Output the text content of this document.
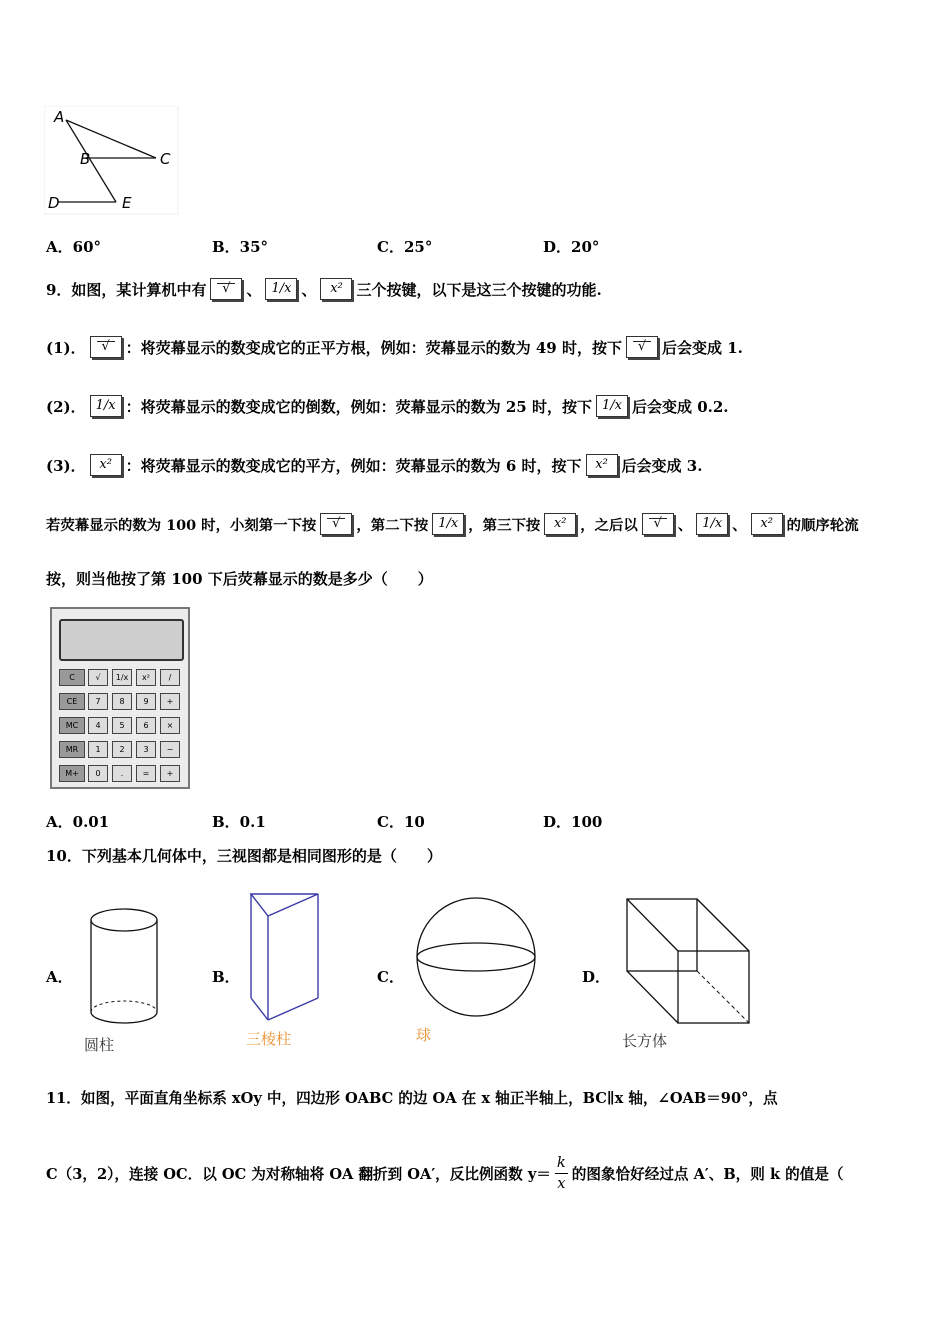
A
B	C
D	E
A．60°	B．35°	C．25°	D．20°
9．如图，某计算机中有	√	、 1/x 、	x² 三个按键，以下是这三个按键的功能.
(1)．	√	：将荧幕显示的数变成它的正平方根，例如：荧幕显示的数为 49 时，按下	√	后会变成 1.
(2)． 1/x ：将荧幕显示的数变成它的倒数，例如：荧幕显示的数为 25 时，按下 1/x 后会变成 0.2.
(3)．	x² ：将荧幕显示的数变成它的平方，例如：荧幕显示的数为 6 时，按下	x² 后会变成 3.
若荧幕显示的数为 100 时，小刻第一下按	√	，第二下按 1/x ，第三下按	x² ，之后以	√	、 1/x 、	x² 的顺序轮流
按，则当他按了第 100 下后荧幕显示的数是多少（　　）
C	√	1/x	x²	/
CE	7	8	9	+
MC	4	5	6	×
MR	1	2	3	−
M+	0	.	=	+
A．0.01	B．0.1	C．10	D．100
10．下列基本几何体中，三视图都是相同图形的是（　　）
A．
圆柱
B．
三棱柱
C．
球
D．
长方体
11．如图，平面直角坐标系 xOy 中，四边形 OABC 的边 OA 在 x 轴正半轴上，BC∥x 轴，∠OAB＝90°，点
C（3，2），连接 OC．以 OC 为对称轴将 OA 翻折到 OA′，反比例函数 $y= \frac{k}{x}$ 的图象恰好经过点 A′、B，则 k 的值是（
